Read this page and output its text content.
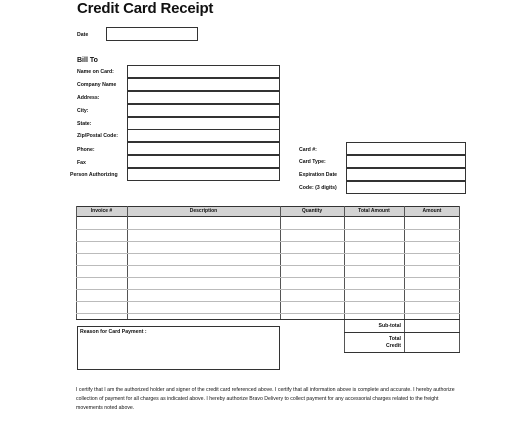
Credit Card Receipt
Date
Bill To
Name on Card:
Company Name
Address:
City:
State:
Zip/Postal Code:
Phone:
Fax
Person Authorizing
Card #:
Card Type:
Expiration Date
Code: (3 digits)
Invoice #	Description	Quantity	Total Amount	Amount
Sub-total
Total Credit
Reason for Card Payment :
I certify that I am the authorized holder and signer of the credit card referenced above. I certify that all information above is complete and accurate. I hereby authorize collection of payment for all charges as indicated above. I hereby authorize Bravo Delivery to collect payment for any accessorial charges related to the freight movements noted above.
